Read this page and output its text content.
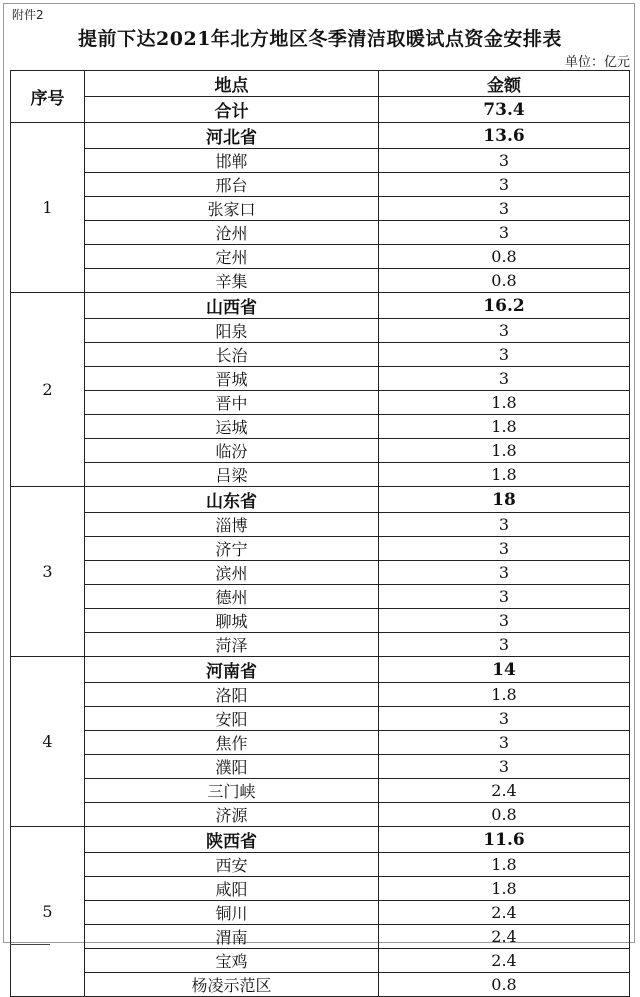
附件2
提前下达2021年北方地区冬季清洁取暖试点资金安排表
单位：亿元
序号	地点	金额
	合计	73.4
1	河北省	13.6
	邯郸	3
	邢台	3
	张家口	3
	沧州	3
	定州	0.8
	辛集	0.8
2	山西省	16.2
	阳泉	3
	长治	3
	晋城	3
	晋中	1.8
	运城	1.8
	临汾	1.8
	吕梁	1.8
3	山东省	18
	淄博	3
	济宁	3
	滨州	3
	德州	3
	聊城	3
	菏泽	3
4	河南省	14
	洛阳	1.8
	安阳	3
	焦作	3
	濮阳	3
	三门峡	2.4
	济源	0.8
5	陕西省	11.6
	西安	1.8
	咸阳	1.8
	铜川	2.4
	渭南	2.4
	宝鸡	2.4
	杨凌示范区	0.8
